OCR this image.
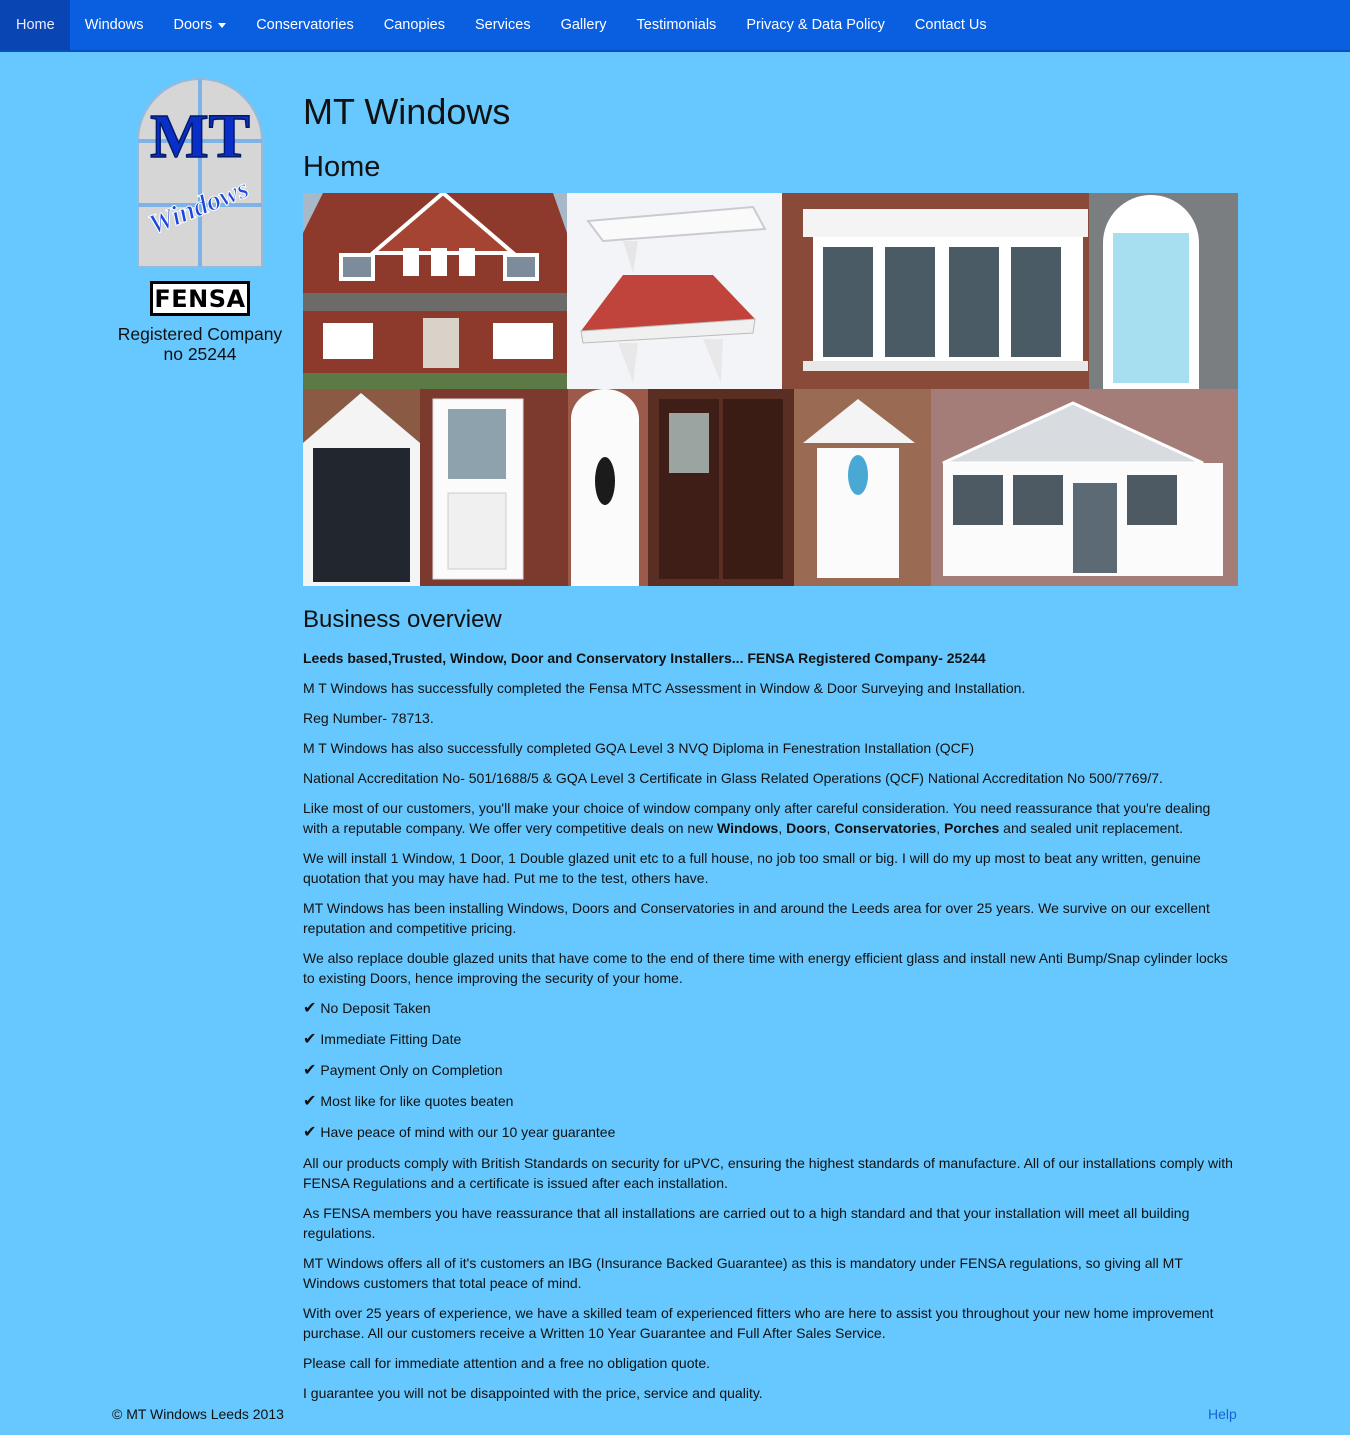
Home	Windows	Doors	Conservatories	Canopies	Services	Gallery	Testimonials	Privacy & Data Policy	Contact Us
MT
Windows
FENSA
Registered Company
no 25244
MT Windows
Home
Business overview

Leeds based,Trusted, Window, Door and Conservatory Installers... FENSA Registered Company- 25244

M T Windows has successfully completed the Fensa MTC Assessment in Window & Door Surveying and Installation.

Reg Number- 78713.

M T Windows has also successfully completed GQA Level 3 NVQ Diploma in Fenestration Installation (QCF)

National Accreditation No- 501/1688/5 & GQA Level 3 Certificate in Glass Related Operations (QCF) National Accreditation No 500/7769/7.

Like most of our customers, you'll make your choice of window company only after careful consideration. You need reassurance that you're dealing with a reputable company. We offer very competitive deals on new Windows, Doors, Conservatories, Porches and sealed unit replacement.

We will install 1 Window, 1 Door, 1 Double glazed unit etc to a full house, no job too small or big. I will do my up most to beat any written, genuine quotation that you may have had. Put me to the test, others have.

MT Windows has been installing Windows, Doors and Conservatories in and around the Leeds area for over 25 years. We survive on our excellent reputation and competitive pricing.

We also replace double glazed units that have come to the end of there time with energy efficient glass and install new Anti Bump/Snap cylinder locks to existing Doors, hence improving the security of your home.

✔ No Deposit Taken

✔ Immediate Fitting Date

✔ Payment Only on Completion

✔ Most like for like quotes beaten

✔ Have peace of mind with our 10 year guarantee

All our products comply with British Standards on security for uPVC, ensuring the highest standards of manufacture. All of our installations comply with FENSA Regulations and a certificate is issued after each installation.

As FENSA members you have reassurance that all installations are carried out to a high standard and that your installation will meet all building regulations.

MT Windows offers all of it's customers an IBG (Insurance Backed Guarantee) as this is mandatory under FENSA regulations, so giving all MT Windows customers that total peace of mind.

With over 25 years of experience, we have a skilled team of experienced fitters who are here to assist you throughout your new home improvement purchase. All our customers receive a Written 10 Year Guarantee and Full After Sales Service.

Please call for immediate attention and a free no obligation quote.

I guarantee you will not be disappointed with the price, service and quality.

© MT Windows Leeds 2013	Help
